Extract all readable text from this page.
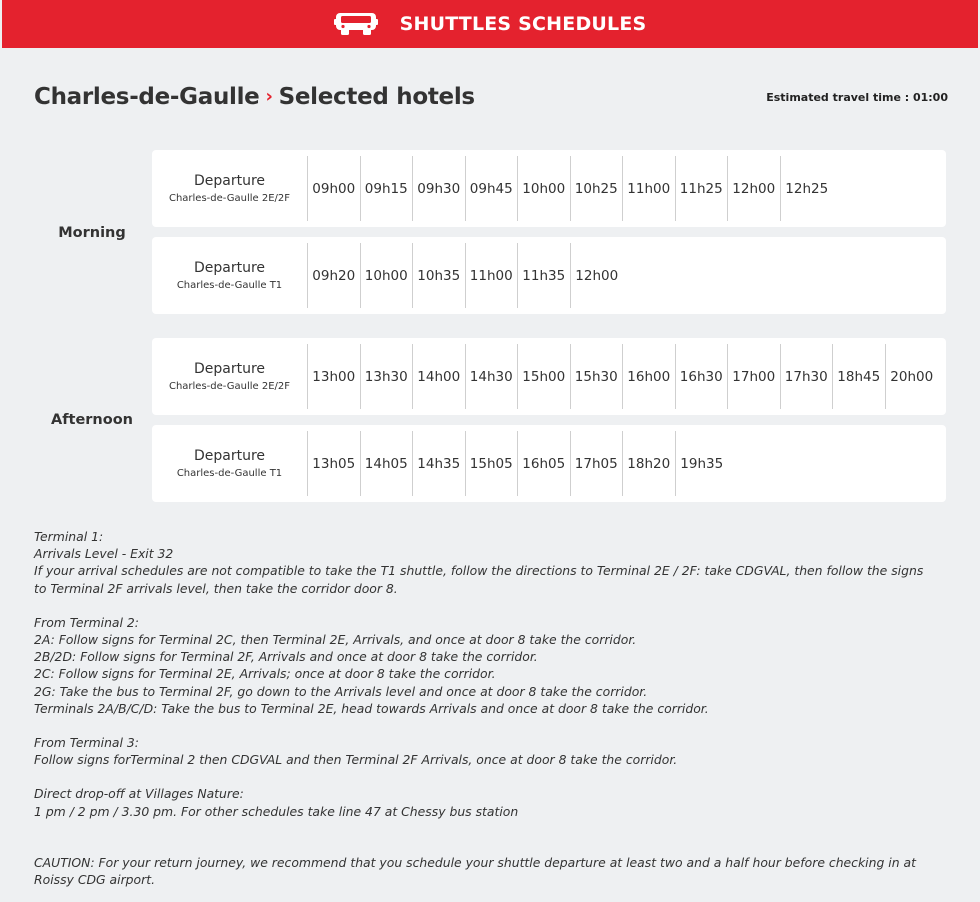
SHUTTLES SCHEDULES
Charles-de-Gaulle › Selected hotels	Estimated travel time : 01:00
Morning
Departure
Charles-de-Gaulle 2E/2F
09h00 09h15 09h30 09h45 10h00 10h25 11h00 11h25 12h00 12h25
Departure
Charles-de-Gaulle T1
09h20 10h00 10h35 11h00 11h35 12h00
Afternoon
Departure
Charles-de-Gaulle 2E/2F
13h00 13h30 14h00 14h30 15h00 15h30 16h00 16h30 17h00 17h30 18h45 20h00
Departure
Charles-de-Gaulle T1
13h05 14h05 14h35 15h05 16h05 17h05 18h20 19h35

Terminal 1:

Arrivals Level - Exit 32

If your arrival schedules are not compatible to take the T1 shuttle, follow the directions to Terminal 2E / 2F: take CDGVAL, then follow the signs to Terminal 2F arrivals level, then take the corridor door 8.

From Terminal 2:

2A: Follow signs for Terminal 2C, then Terminal 2E, Arrivals, and once at door 8 take the corridor.

2B/2D: Follow signs for Terminal 2F, Arrivals and once at door 8 take the corridor.

2C: Follow signs for Terminal 2E, Arrivals; once at door 8 take the corridor.

2G: Take the bus to Terminal 2F, go down to the Arrivals level and once at door 8 take the corridor.

Terminals 2A/B/C/D: Take the bus to Terminal 2E, head towards Arrivals and once at door 8 take the corridor.

From Terminal 3:

Follow signs forTerminal 2 then CDGVAL and then Terminal 2F Arrivals, once at door 8 take the corridor.

Direct drop-off at Villages Nature:

1 pm / 2 pm / 3.30 pm. For other schedules take line 47 at Chessy bus station

CAUTION: For your return journey, we recommend that you schedule your shuttle departure at least two and a half hour before checking in at Roissy CDG airport.
